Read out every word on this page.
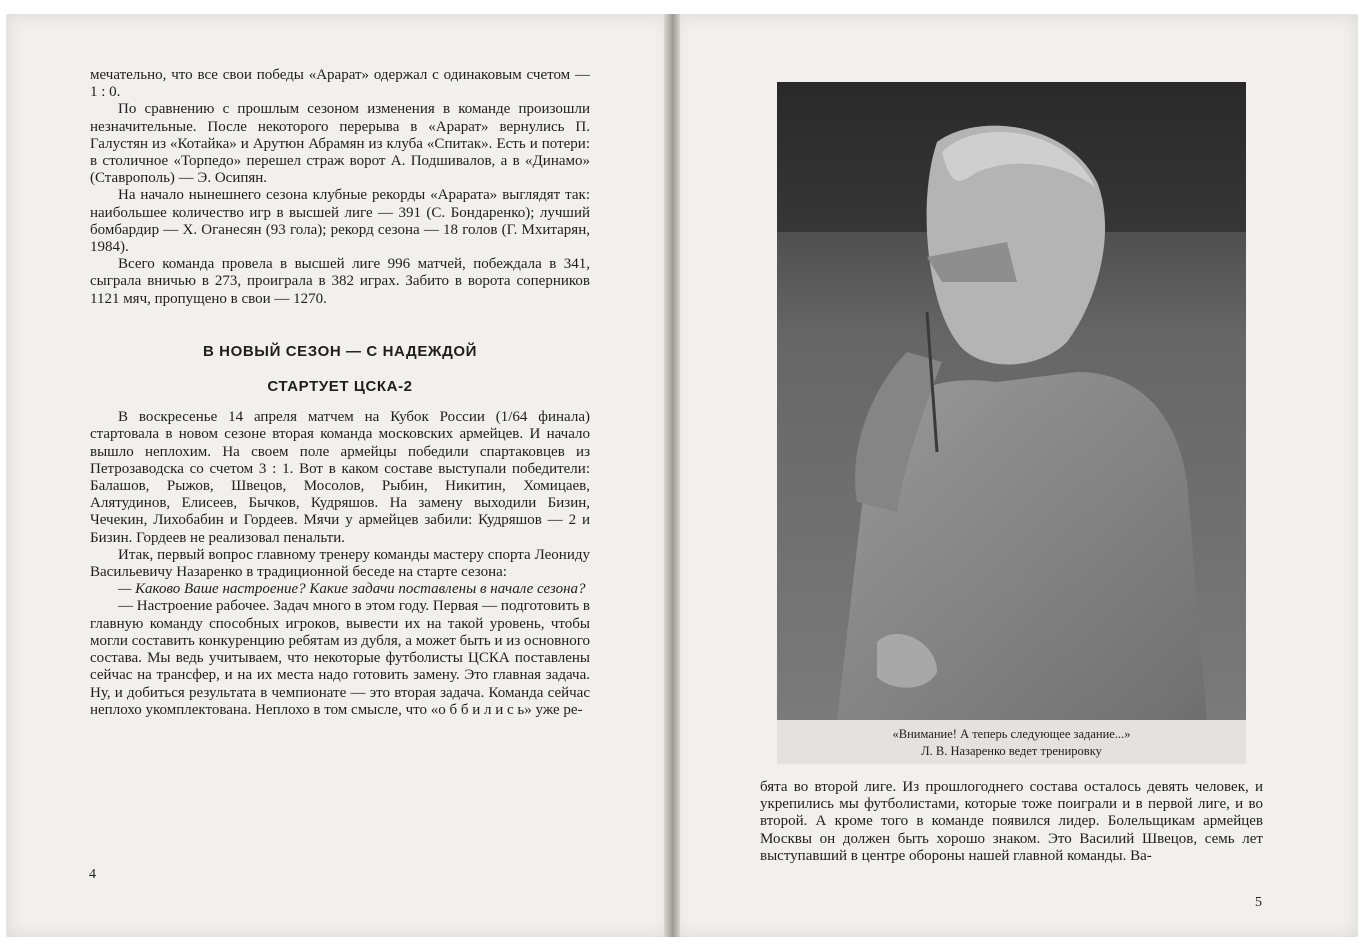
мечательно, что все свои победы «Арарат» одержал с одинаковым счетом — 1 : 0.

По сравнению с прошлым сезоном изменения в команде произошли незначительные. После некоторого перерыва в «Арарат» вернулись П. Галустян из «Котайка» и Арутюн Абрамян из клуба «Спитак». Есть и потери: в столичное «Торпедо» перешел страж ворот А. Подшивалов, а в «Динамо» (Ставрополь) — Э. Осипян.

На начало нынешнего сезона клубные рекорды «Арарата» выглядят так: наибольшее количество игр в высшей лиге — 391 (С. Бондаренко); лучший бомбардир — Х. Оганесян (93 гола); рекорд сезона — 18 голов (Г. Мхитарян, 1984).

Всего команда провела в высшей лиге 996 матчей, побеждала в 341, сыграла вничью в 273, проиграла в 382 играх. Забито в ворота соперников 1121 мяч, пропущено в свои — 1270.

В НОВЫЙ СЕЗОН — С НАДЕЖДОЙ
СТАРТУЕТ ЦСКА-2

В воскресенье 14 апреля матчем на Кубок России (1/64 финала) стартовала в новом сезоне вторая команда московских армейцев. И начало вышло неплохим. На своем поле армейцы победили спартаковцев из Петрозаводска со счетом 3 : 1. Вот в каком составе выступали победители: Балашов, Рыжов, Швецов, Мосолов, Рыбин, Никитин, Хомицаев, Алятудинов, Елисеев, Бычков, Кудряшов. На замену выходили Бизин, Чечекин, Лихобабин и Гордеев. Мячи у армейцев забили: Кудряшов — 2 и Бизин. Гордеев не реализовал пенальти.

Итак, первый вопрос главному тренеру команды мастеру спорта Леониду Васильевичу Назаренко в традиционной беседе на старте сезона:

— Каково Ваше настроение? Какие задачи поставлены в начале сезона?

— Настроение рабочее. Задач много в этом году. Первая — подготовить в главную команду способных игроков, вывести их на такой уровень, чтобы могли составить конкуренцию ребятам из дубля, а может быть и из основного состава. Мы ведь учитываем, что некоторые футболисты ЦСКА поставлены сейчас на трансфер, и на их места надо готовить замену. Это главная задача. Ну, и добиться результата в чемпионате — это вторая задача. Команда сейчас неплохо укомплектована. Неплохо в том смысле, что «о б б и л и с ь» уже ре-

4
«Внимание! А теперь следующее задание...»
Л. В. Назаренко ведет тренировку

бята во второй лиге. Из прошлогоднего состава осталось девять человек, и укрепились мы футболистами, которые тоже поиграли и в первой лиге, и во второй. А кроме того в команде появился лидер. Болельщикам армейцев Москвы он должен быть хорошо знаком. Это Василий Швецов, семь лет выступавший в центре обороны нашей главной команды. Ва-

5
